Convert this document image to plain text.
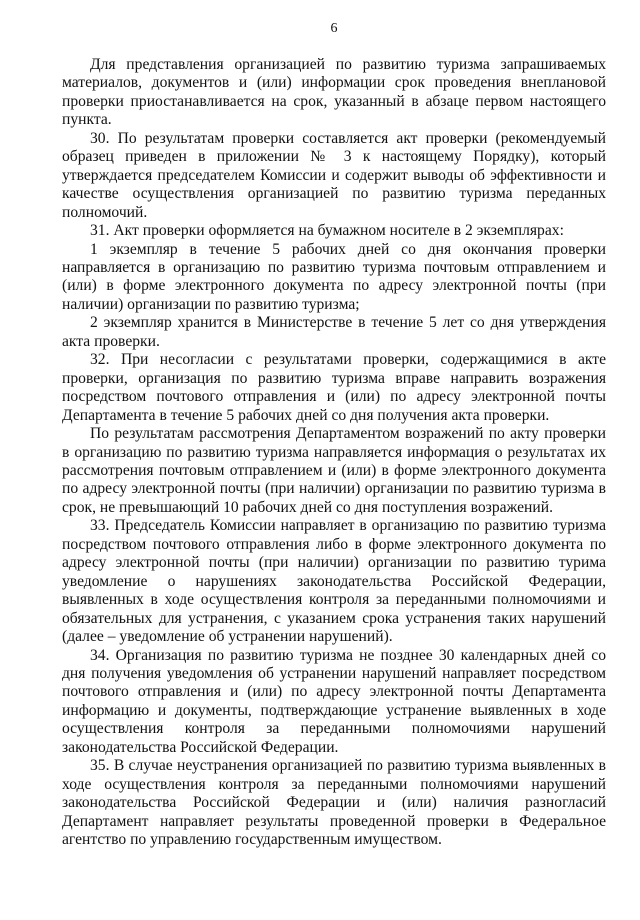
6

Для представления организацией по развитию туризма запрашиваемых материалов, документов и (или) информации срок проведения внеплановой проверки приостанавливается на срок, указанный в абзаце первом настоящего пункта.

30. По результатам проверки составляется акт проверки (рекомендуемый образец приведен в приложении № 3 к настоящему Порядку), который утверждается председателем Комиссии и содержит выводы об эффективности и качестве осуществления организацией по развитию туризма переданных полномочий.

31. Акт проверки оформляется на бумажном носителе в 2 экземплярах:

1 экземпляр в течение 5 рабочих дней со дня окончания проверки направляется в организацию по развитию туризма почтовым отправлением и (или) в форме электронного документа по адресу электронной почты (при наличии) организации по развитию туризма;

2 экземпляр хранится в Министерстве в течение 5 лет со дня утверждения акта проверки.

32. При несогласии с результатами проверки, содержащимися в акте проверки, организация по развитию туризма вправе направить возражения посредством почтового отправления и (или) по адресу электронной почты Департамента в течение 5 рабочих дней со дня получения акта проверки.

По результатам рассмотрения Департаментом возражений по акту проверки в организацию по развитию туризма направляется информация о результатах их рассмотрения почтовым отправлением и (или) в форме электронного документа по адресу электронной почты (при наличии) организации по развитию туризма в срок, не превышающий 10 рабочих дней со дня поступления возражений.

33. Председатель Комиссии направляет в организацию по развитию туризма посредством почтового отправления либо в форме электронного документа по адресу электронной почты (при наличии) организации по развитию турима уведомление о нарушениях законодательства Российской Федерации, выявленных в ходе осуществления контроля за переданными полномочиями и обязательных для устранения, с указанием срока устранения таких нарушений (далее – уведомление об устранении нарушений).

34. Организация по развитию туризма не позднее 30 календарных дней со дня получения уведомления об устранении нарушений направляет посредством почтового отправления и (или) по адресу электронной почты Департамента информацию и документы, подтверждающие устранение выявленных в ходе осуществления контроля за переданными полномочиями нарушений законодательства Российской Федерации.

35. В случае неустранения организацией по развитию туризма выявленных в ходе осуществления контроля за переданными полномочиями нарушений законодательства Российской Федерации и (или) наличия разногласий Департамент направляет результаты проведенной проверки в Федеральное агентство по управлению государственным имуществом.
